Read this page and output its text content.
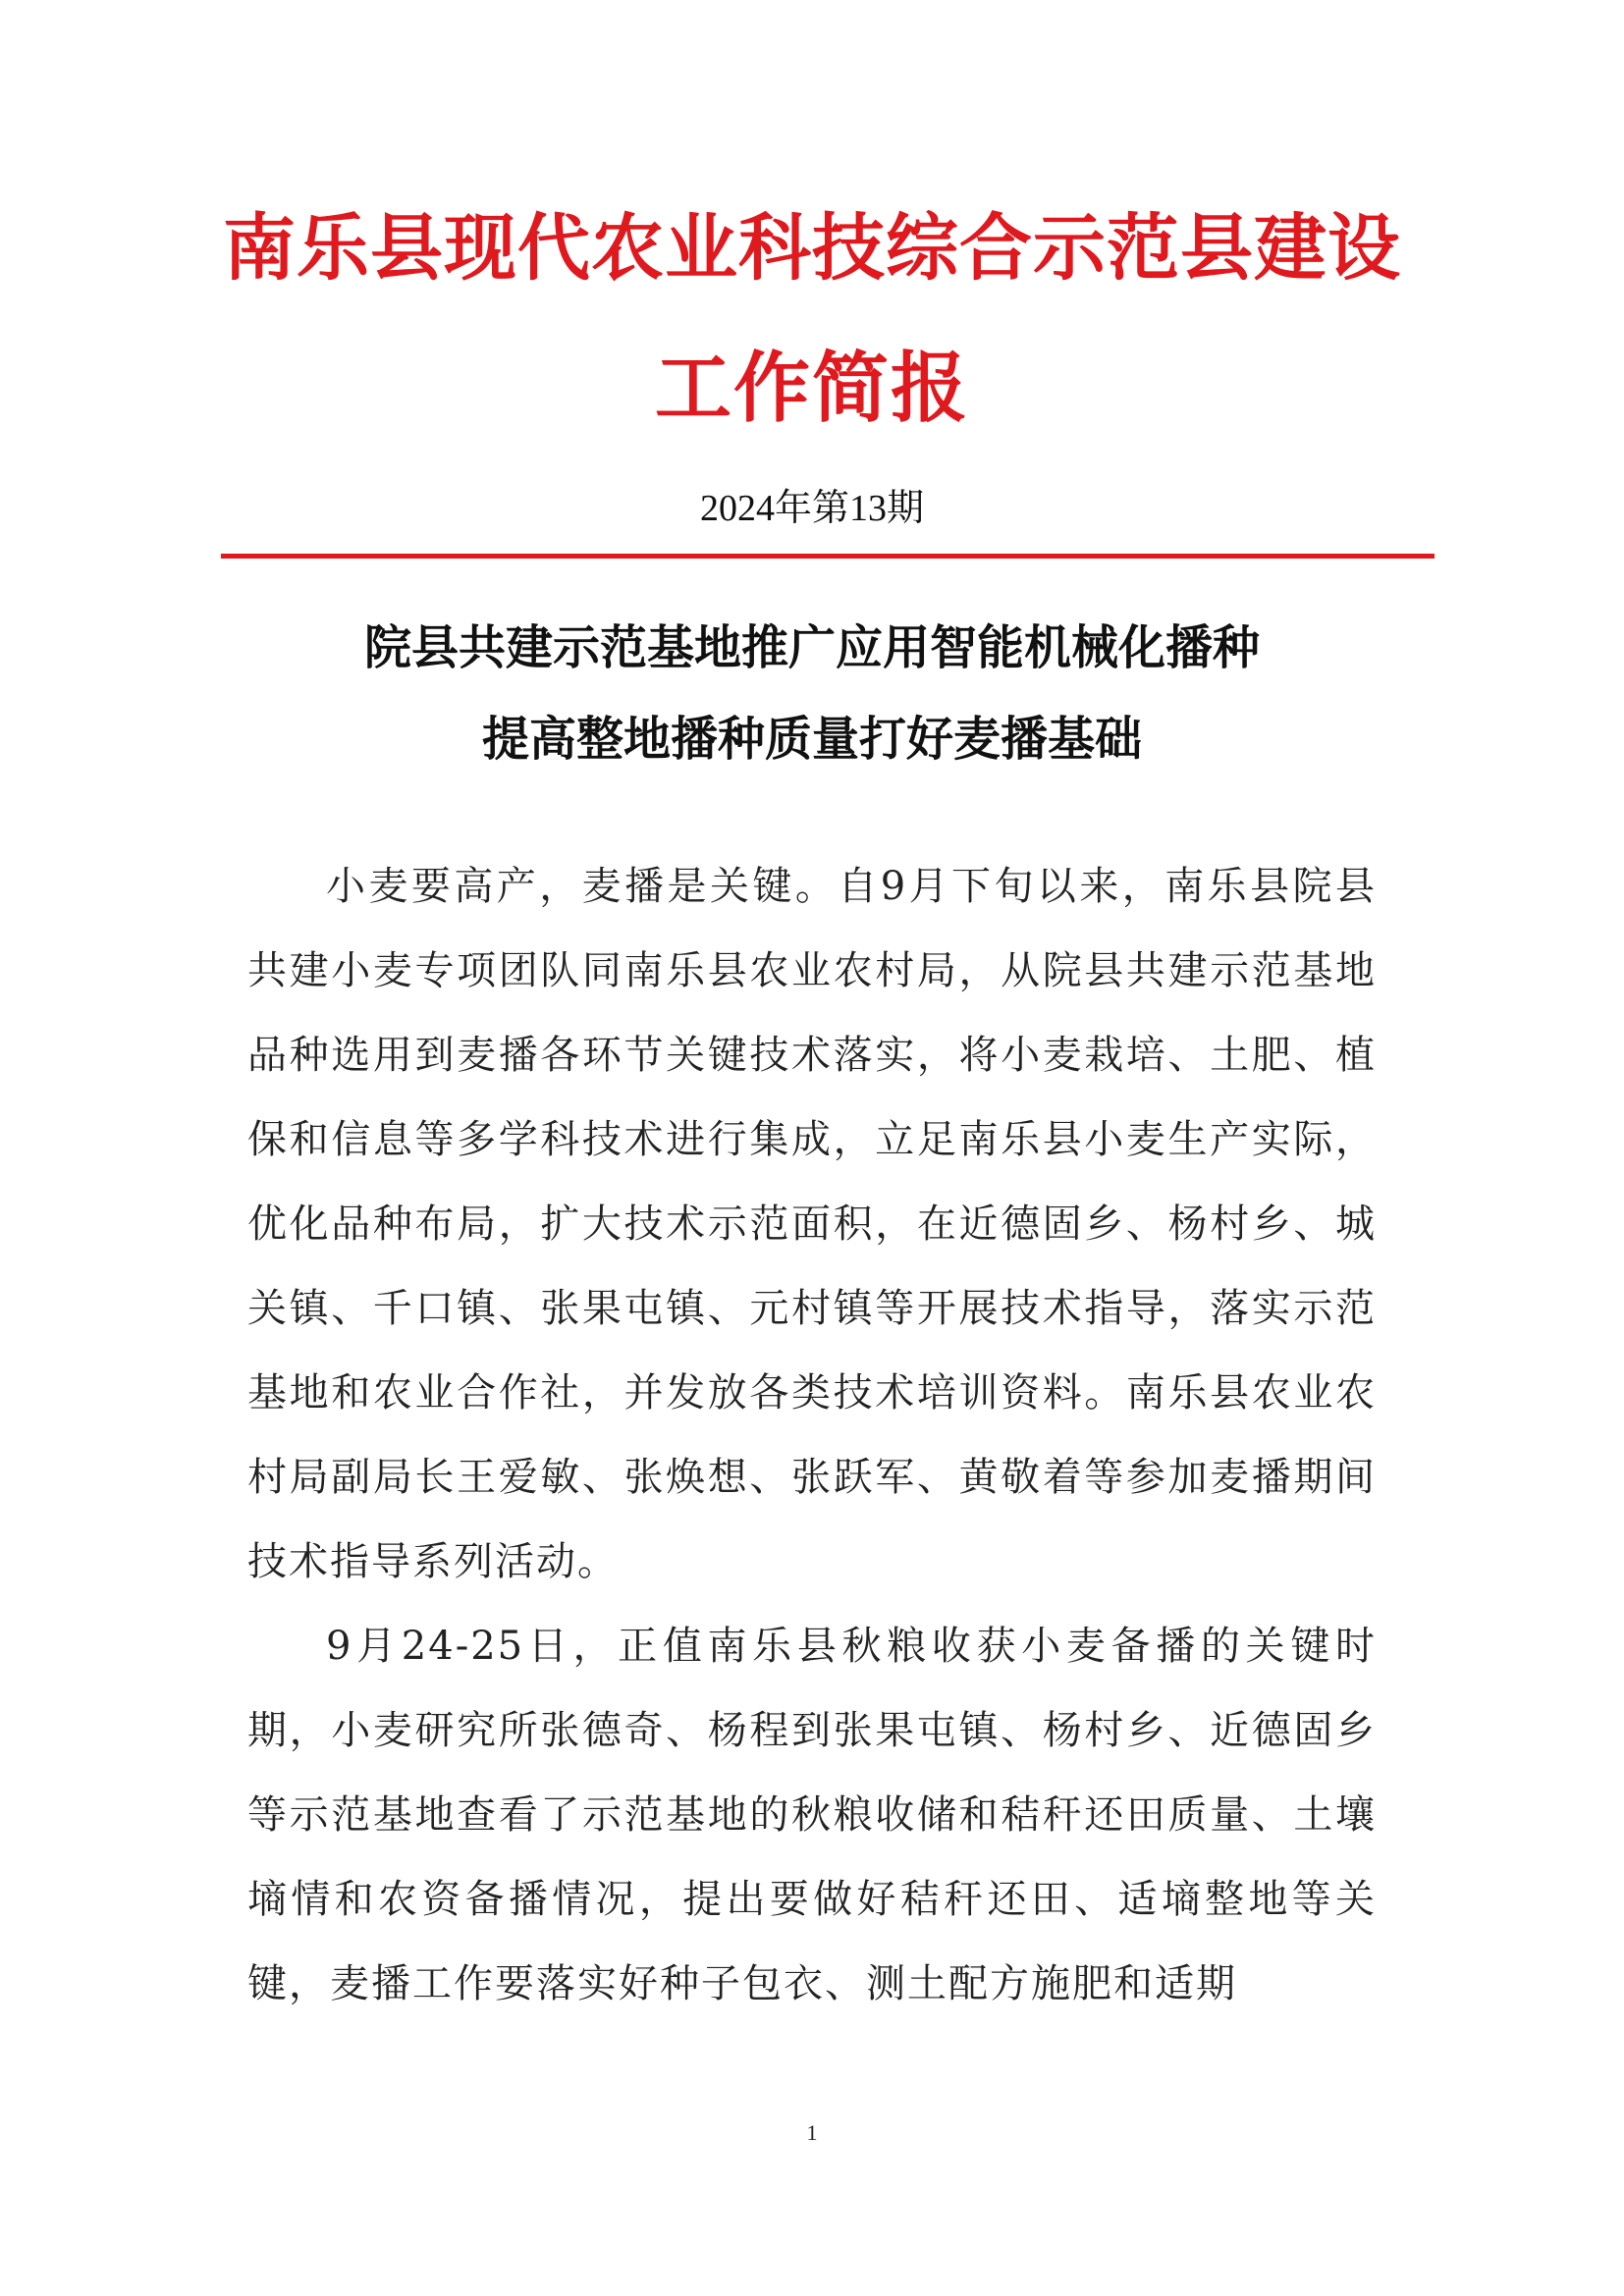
南乐县现代农业科技综合示范县建设
工作简报
2024年第13期
院县共建示范基地推广应用智能机械化播种
提高整地播种质量打好麦播基础

小麦要高产，麦播是关键。自9月下旬以来，南乐县院县共建小麦专项团队同南乐县农业农村局，从院县共建示范基地品种选用到麦播各环节关键技术落实，将小麦栽培、土肥、植保和信息等多学科技术进行集成，立足南乐县小麦生产实际，优化品种布局，扩大技术示范面积，在近德固乡、杨村乡、城关镇、千口镇、张果屯镇、元村镇等开展技术指导，落实示范基地和农业合作社，并发放各类技术培训资料。南乐县农业农村局副局长王爱敏、张焕想、张跃军、黄敬着等参加麦播期间技术指导系列活动。

9月24-25日，正值南乐县秋粮收获小麦备播的关键时期，小麦研究所张德奇、杨程到张果屯镇、杨村乡、近德固乡等示范基地查看了示范基地的秋粮收储和秸秆还田质量、土壤墒情和农资备播情况，提出要做好秸秆还田、适墒整地等关键，麦播工作要落实好种子包衣、测土配方施肥和适期

1
